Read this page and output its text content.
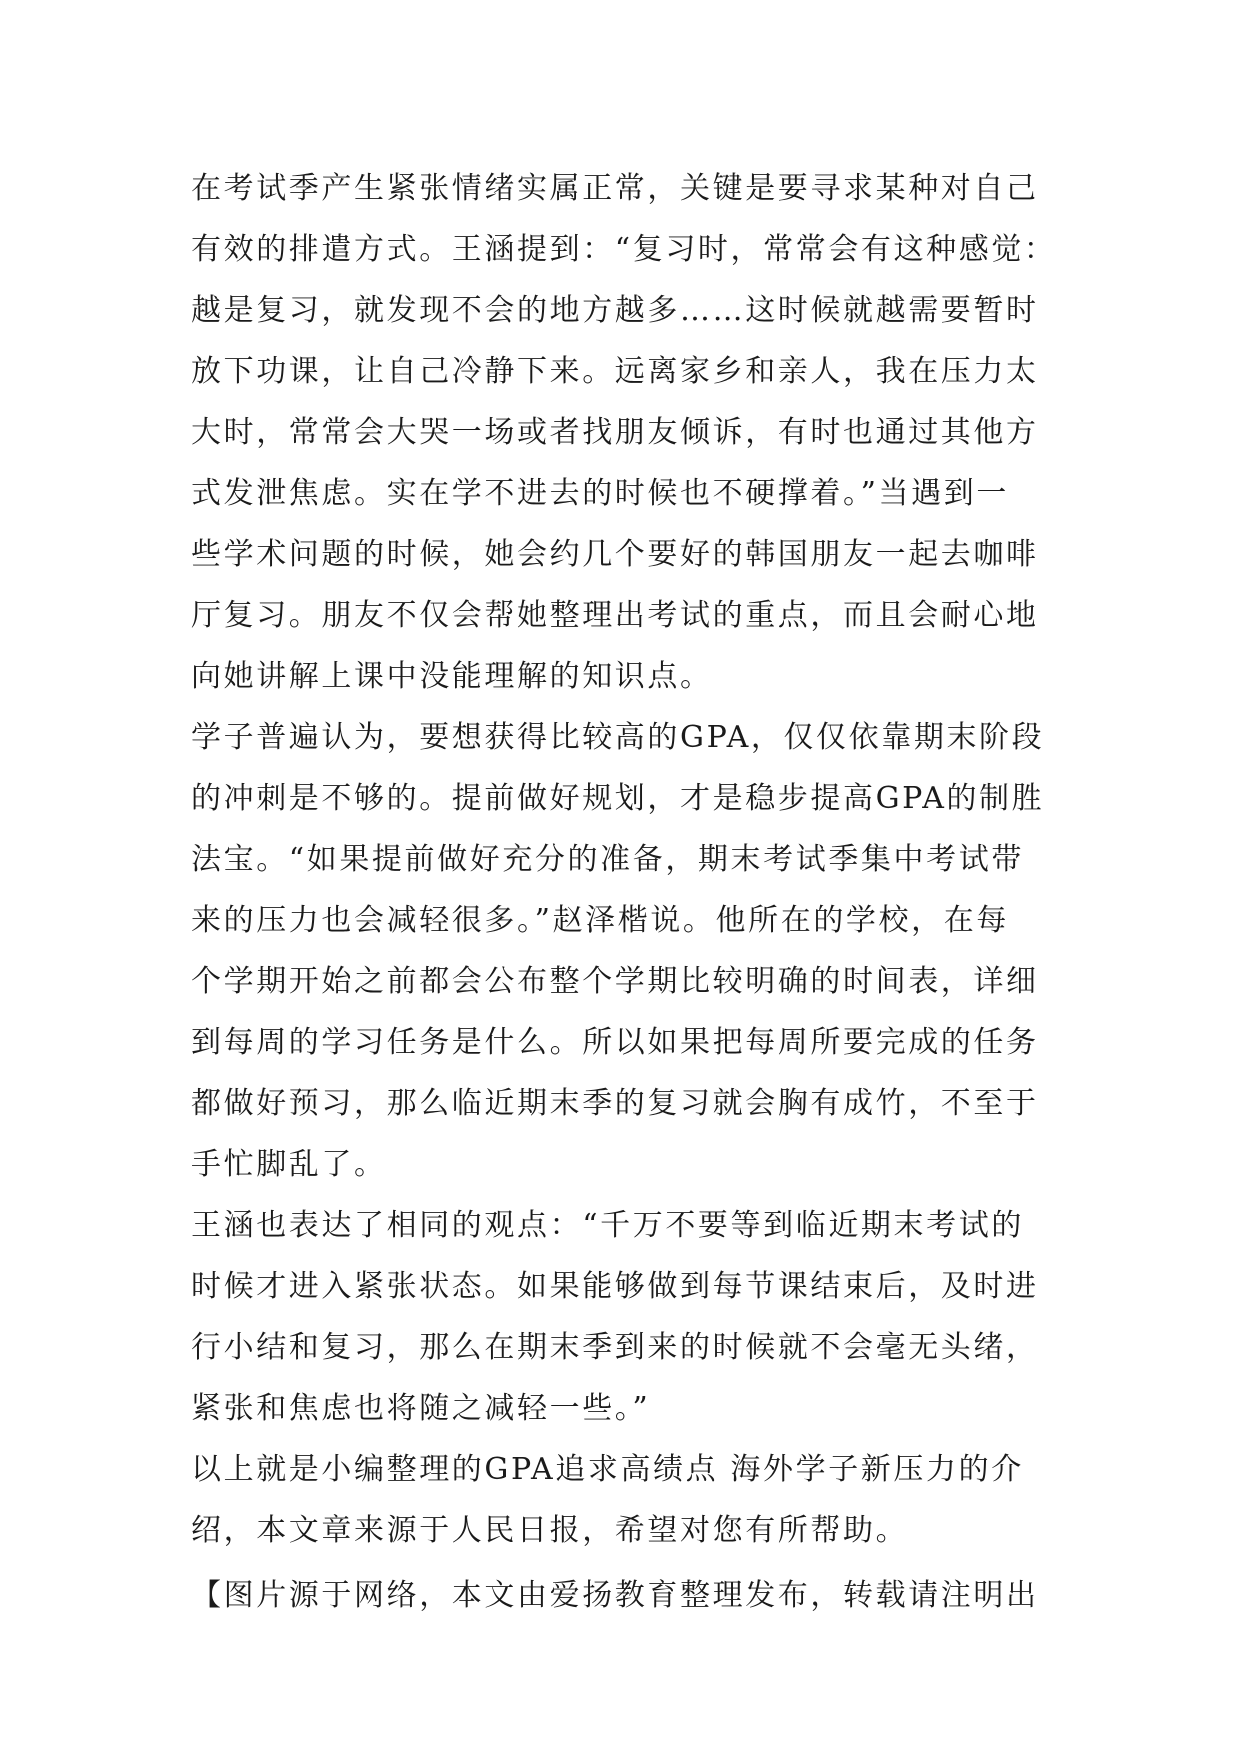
在考试季产生紧张情绪实属正常，关键是要寻求某种对自己
有效的排遣方式。王涵提到：“复习时，常常会有这种感觉：
越是复习，就发现不会的地方越多……这时候就越需要暂时
放下功课，让自己冷静下来。远离家乡和亲人，我在压力太
大时，常常会大哭一场或者找朋友倾诉，有时也通过其他方
式发泄焦虑。实在学不进去的时候也不硬撑着。”当遇到一
些学术问题的时候，她会约几个要好的韩国朋友一起去咖啡
厅复习。朋友不仅会帮她整理出考试的重点，而且会耐心地
向她讲解上课中没能理解的知识点。
学子普遍认为，要想获得比较高的GPA，仅仅依靠期末阶段
的冲刺是不够的。提前做好规划，才是稳步提高GPA的制胜
法宝。“如果提前做好充分的准备，期末考试季集中考试带
来的压力也会减轻很多。”赵泽楷说。他所在的学校，在每
个学期开始之前都会公布整个学期比较明确的时间表，详细
到每周的学习任务是什么。所以如果把每周所要完成的任务
都做好预习，那么临近期末季的复习就会胸有成竹，不至于
手忙脚乱了。
王涵也表达了相同的观点：“千万不要等到临近期末考试的
时候才进入紧张状态。如果能够做到每节课结束后，及时进
行小结和复习，那么在期末季到来的时候就不会毫无头绪，
紧张和焦虑也将随之减轻一些。”
以上就是小编整理的GPA追求高绩点 海外学子新压力的介
绍，本文章来源于人民日报，希望对您有所帮助。
【图片源于网络，本文由爱扬教育整理发布，转载请注明出
